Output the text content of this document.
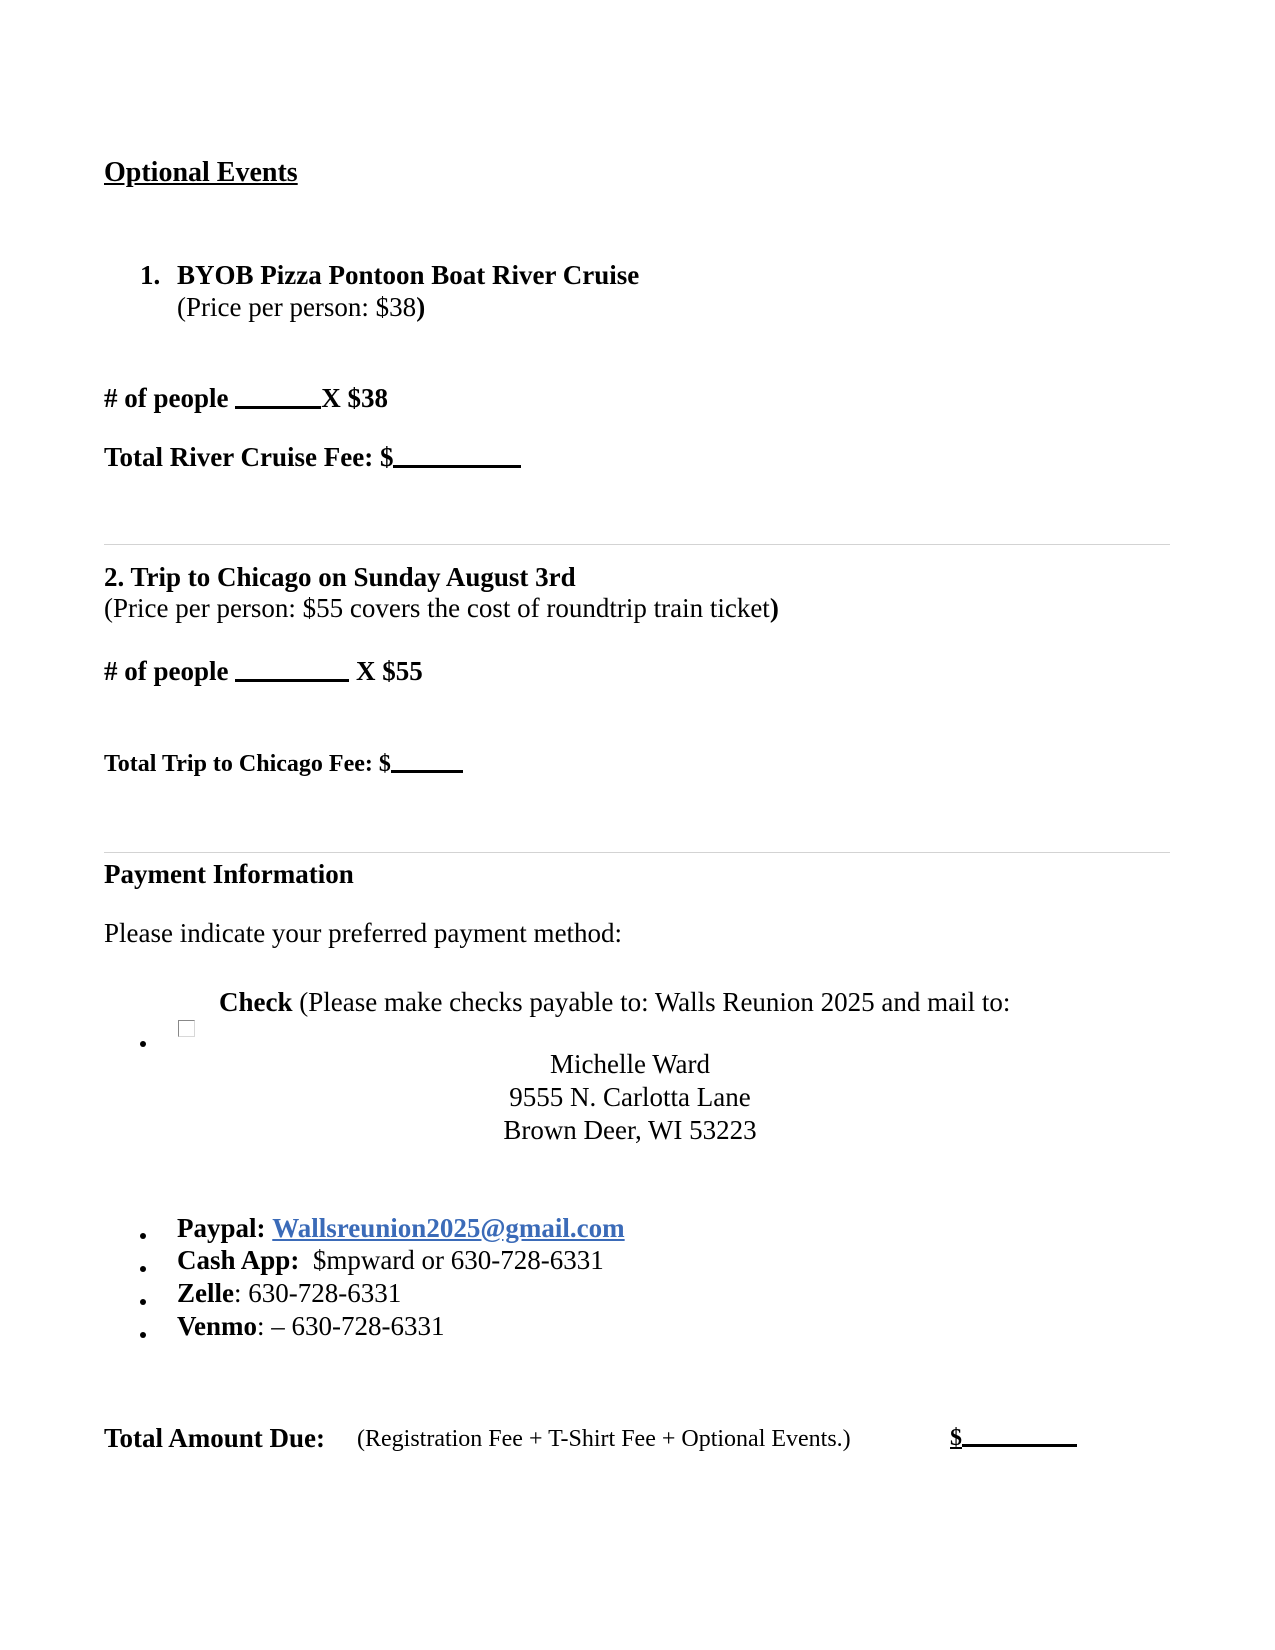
Optional Events
1. BYOB Pizza Pontoon Boat River Cruise
(Price per person: $38)
# of people	X $38
Total River Cruise Fee: $
2. Trip to Chicago on Sunday August 3rd
(Price per person: $55 covers the cost of roundtrip train ticket)
# of people	X $55
Total Trip to Chicago Fee: $
Payment Information
Please indicate your preferred payment method:
Check (Please make checks payable to: Walls Reunion 2025 and mail to:
Michelle Ward
9555 N. Carlotta Lane
Brown Deer, WI 53223
Paypal: Wallsreunion2025@gmail.com
Cash App: $mpward or 630-728-6331
Zelle: 630-728-6331
Venmo: – 630-728-6331
Total Amount Due: (Registration Fee + T-Shirt Fee + Optional Events.)	$
